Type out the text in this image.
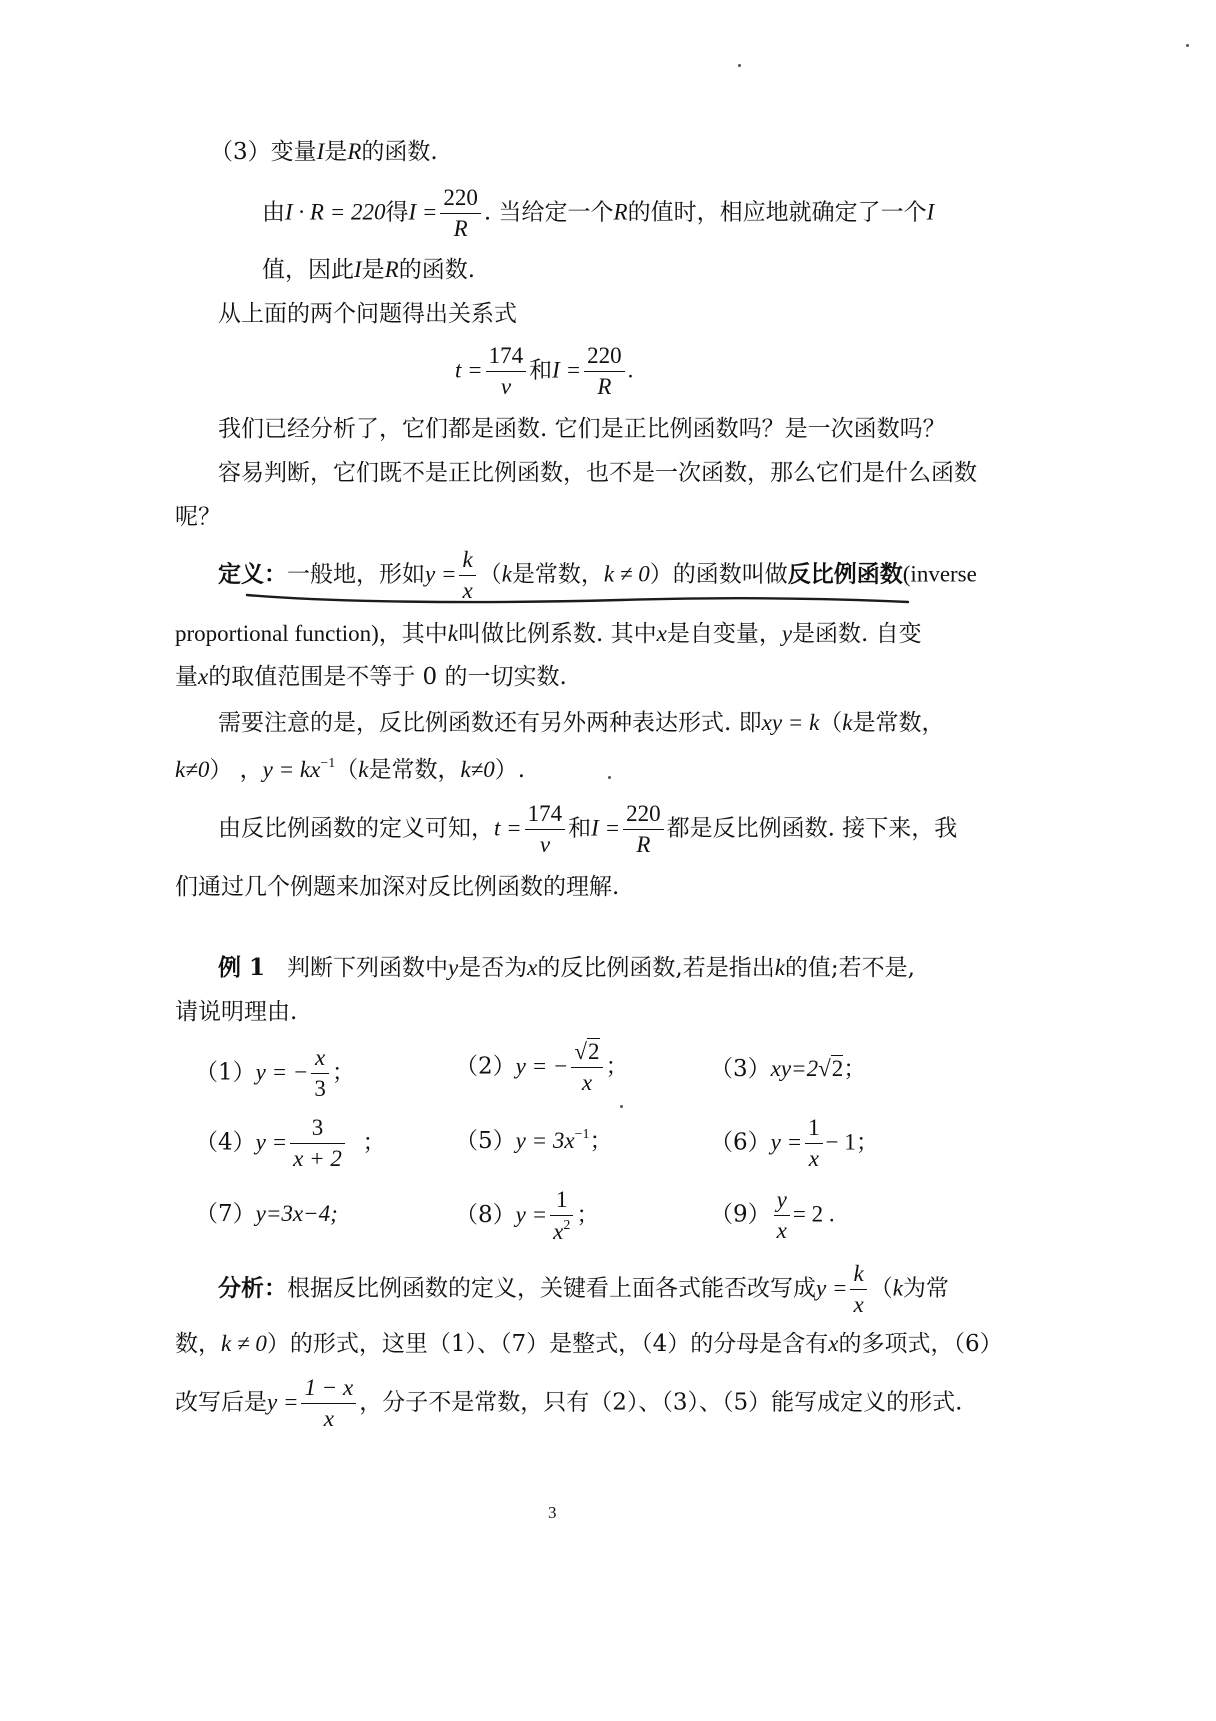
（3）变量I是R的函数.
由I · R = 220得$I = \frac{220}{R}$ . 当给定一个R的值时，相应地就确定了一个I
值，因此I是R的函数.
从上面的两个问题得出关系式
$t = \frac{174}{v}$ 和$I = \frac{220}{R}$ .
我们已经分析了，它们都是函数. 它们是正比例函数吗？是一次函数吗？
容易判断，它们既不是正比例函数，也不是一次函数，那么它们是什么函数
呢？
定义：一般地，形如$y = \frac{k}{x} (k$是常数，k ≠ 0）的函数叫做反比例函数(inverse
proportional function)，其中k叫做比例系数. 其中x是自变量，y是函数. 自变
量x的取值范围是不等于 0 的一切实数.
需要注意的是，反比例函数还有另外两种表达形式. 即xy = k（k是常数，
k≠0） ，$y = kx^{-1}(k$是常数，k≠0）.
由反比例函数的定义可知，$t = \frac{174}{v}$ 和$I = \frac{220}{R}$ 都是反比例函数. 接下来，我
们通过几个例题来加深对反比例函数的理解.
例 1 判断下列函数中y是否为x的反比例函数,若是指出k的值;若不是,
请说明理由.
（1）y = − $\frac{x}{3}$ ；	（2）y = − $\frac{√2}{x}$ ；	（3）xy=2√2；
$(4)y = \frac{3}{x + 2}$ ；	$(5)y = 3x^{-1}$；	$(6)y = \frac{1}{x} - 1$；
（7）y=3x−4;	$(8)y = \frac{1}{x^2}$ ；	$(9) \frac{y}{x} = 2$ .
分析：根据反比例函数的定义，关键看上面各式能否改写成$y = \frac{k}{x} (k$为常
数，k ≠ 0）的形式，这里（1）、（7）是整式，（4）的分母是含有x的多项式，（6）
改写后是$y = \frac{1 - x}{x}$ ，分子不是常数，只有（2）、（3）、（5）能写成定义的形式.
3
